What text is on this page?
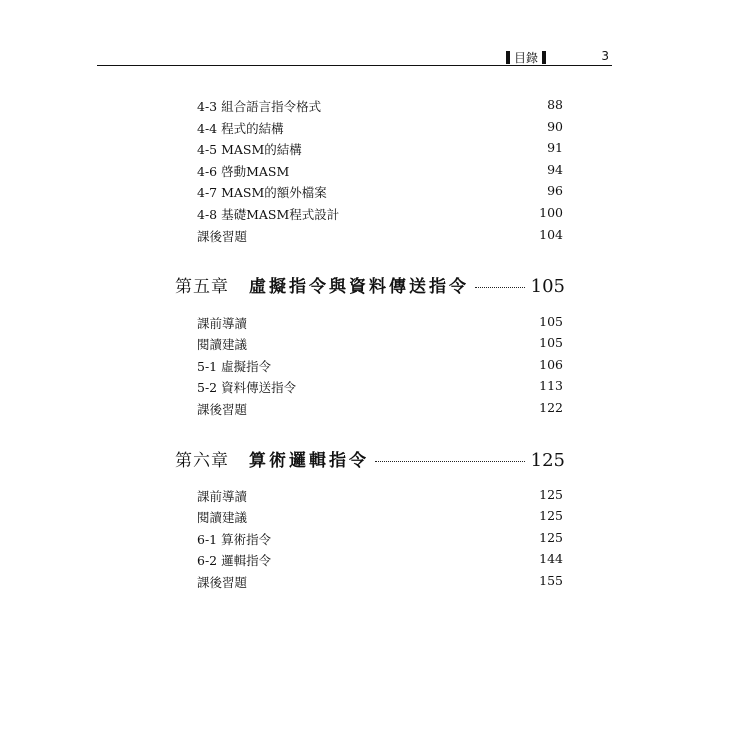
目錄	3
4-3 組合語言指令格式	88
4-4 程式的結構	90
4-5 MASM的結構	91
4-6 啓動MASM	94
4-7 MASM的額外檔案	96
4-8 基礎MASM程式設計	100
課後習題	104
第五章 虛擬指令與資料傳送指令	105
課前導讀	105
閱讀建議	105
5-1 虛擬指令	106
5-2 資料傳送指令	113
課後習題	122
第六章 算術邏輯指令	125
課前導讀	125
閱讀建議	125
6-1 算術指令	125
6-2 邏輯指令	144
課後習題	155
